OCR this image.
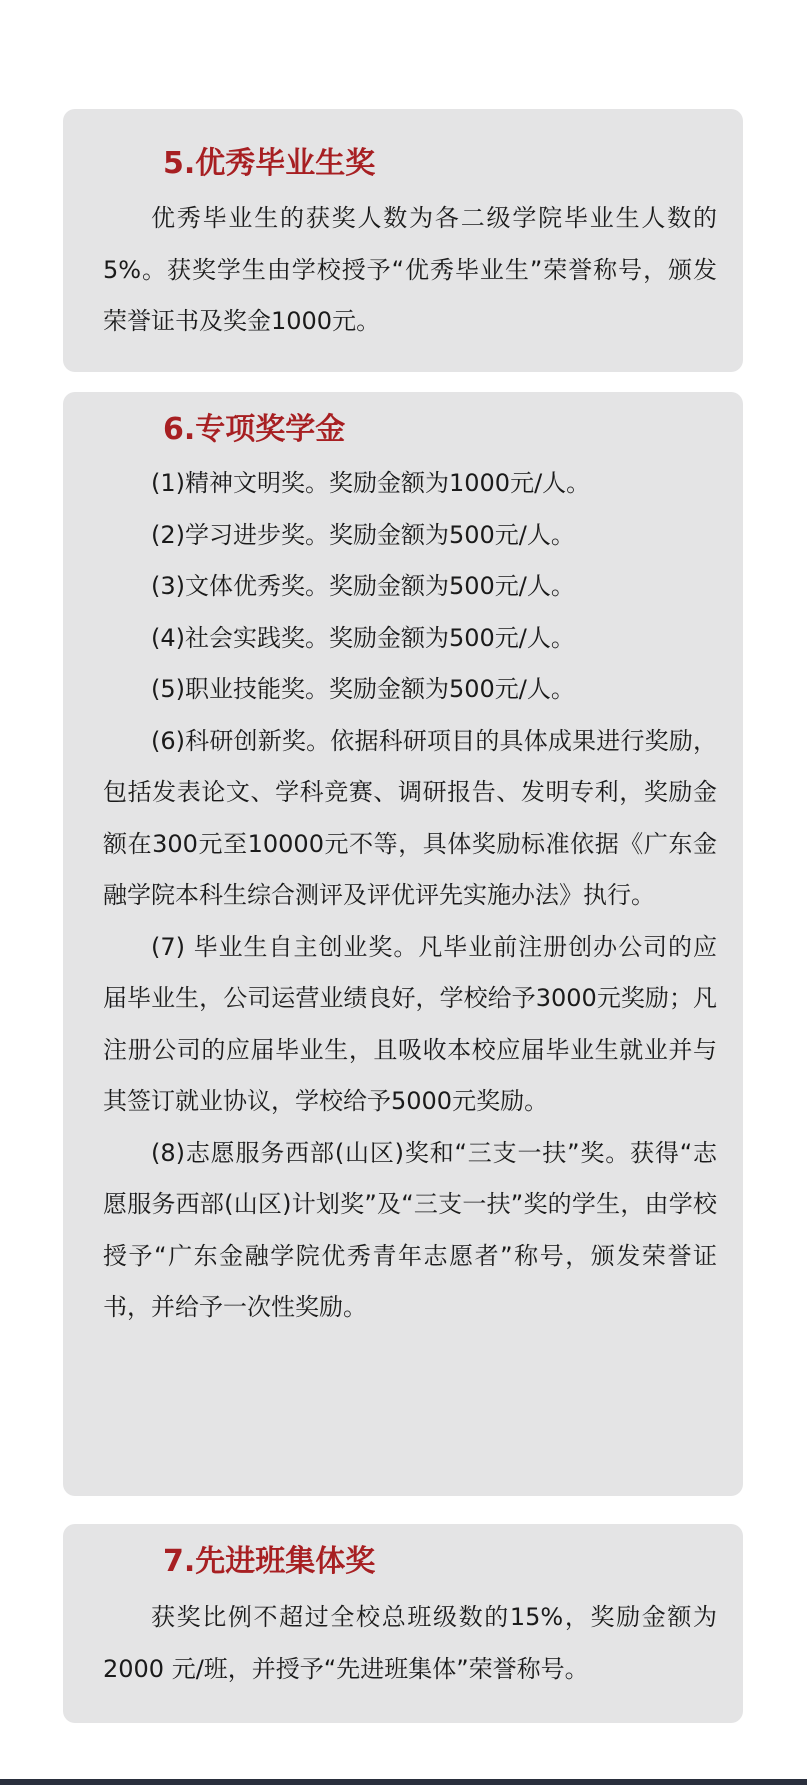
5.优秀毕业生奖

优秀毕业生的获奖人数为各二级学院毕业生人数的5%。获奖学生由学校授予“优秀毕业生”荣誉称号，颁发荣誉证书及奖金1000元。

6.专项奖学金

(1)精神文明奖。奖励金额为1000元/人。

(2)学习进步奖。奖励金额为500元/人。

(3)文体优秀奖。奖励金额为500元/人。

(4)社会实践奖。奖励金额为500元/人。

(5)职业技能奖。奖励金额为500元/人。

(6)科研创新奖。依据科研项目的具体成果进行奖励，包括发表论文、学科竞赛、调研报告、发明专利，奖励金额在300元至10000元不等，具体奖励标准依据《广东金融学院本科生综合测评及评优评先实施办法》执行。

(7) 毕业生自主创业奖。凡毕业前注册创办公司的应届毕业生，公司运营业绩良好，学校给予3000元奖励；凡注册公司的应届毕业生，且吸收本校应届毕业生就业并与其签订就业协议，学校给予5000元奖励。

(8)志愿服务西部(山区)奖和“三支一扶”奖。获得“志愿服务西部(山区)计划奖”及“三支一扶”奖的学生，由学校授予“广东金融学院优秀青年志愿者”称号，颁发荣誉证书，并给予一次性奖励。

7.先进班集体奖

获奖比例不超过全校总班级数的15%，奖励金额为2000 元/班，并授予“先进班集体”荣誉称号。
